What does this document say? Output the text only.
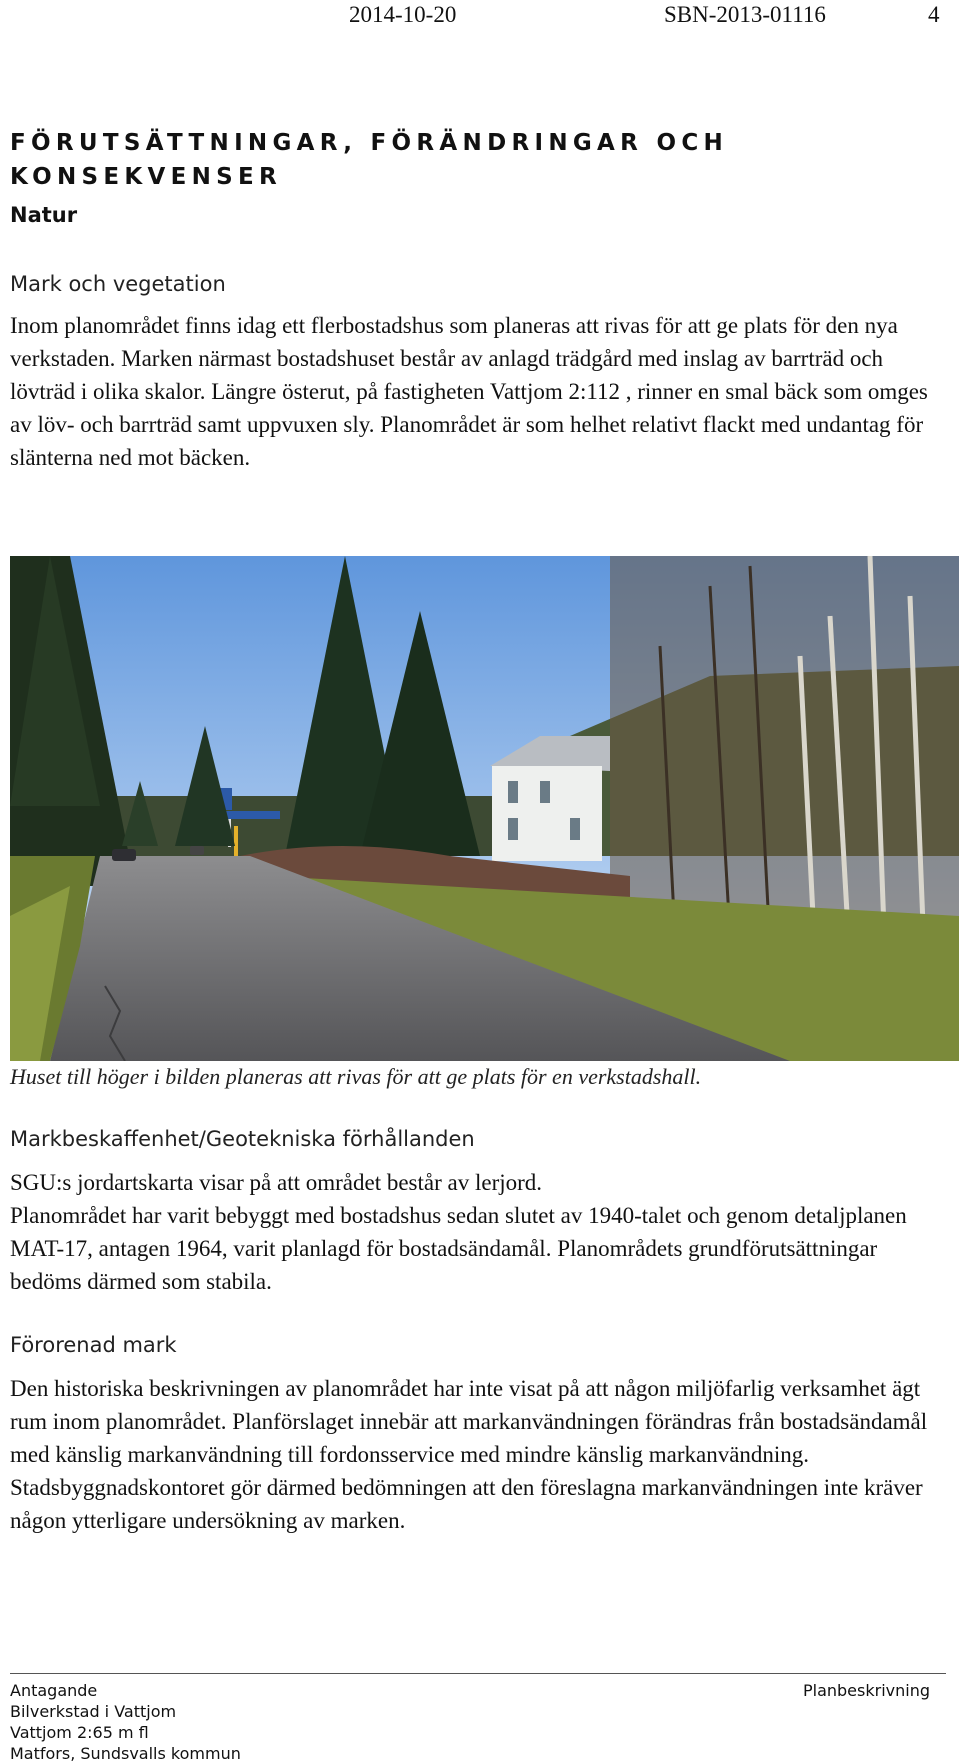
2014-10-20	SBN-2013-01116	4
FÖRUTSÄTTNINGAR, FÖRÄNDRINGAR OCH KONSEKVENSER
Natur
Mark och vegetation

Inom planområdet finns idag ett flerbostadshus som planeras att rivas för att ge plats för den nya verkstaden. Marken närmast bostadshuset består av anlagd trädgård med inslag av barrträd och lövträd i olika skalor. Längre österut, på fastigheten Vattjom 2:112 , rinner en smal bäck som omges av löv- och barrträd samt uppvuxen sly. Planområdet är som helhet relativt flackt med undantag för slänterna ned mot bäcken.

Huset till höger i bilden planeras att rivas för att ge plats för en verkstadshall.
Markbeskaffenhet/Geotekniska förhållanden

SGU:s jordartskarta visar på att området består av lerjord.

Planområdet har varit bebyggt med bostadshus sedan slutet av 1940-talet och genom detaljplanen MAT-17, antagen 1964, varit planlagd för bostadsändamål. Planområdets grundförutsättningar bedöms därmed som stabila.

Förorenad mark

Den historiska beskrivningen av planområdet har inte visat på att någon miljöfarlig verksamhet ägt rum inom planområdet. Planförslaget innebär att markanvändningen förändras från bostadsändamål med känslig markanvändning till fordonsservice med mindre känslig markanvändning. Stadsbyggnadskontoret gör därmed bedömningen att den föreslagna markanvändningen inte kräver någon ytterligare undersökning av marken.

Antagande
Bilverkstad i Vattjom
Vattjom 2:65 m fl
Matfors, Sundsvalls kommun
Planbeskrivning
